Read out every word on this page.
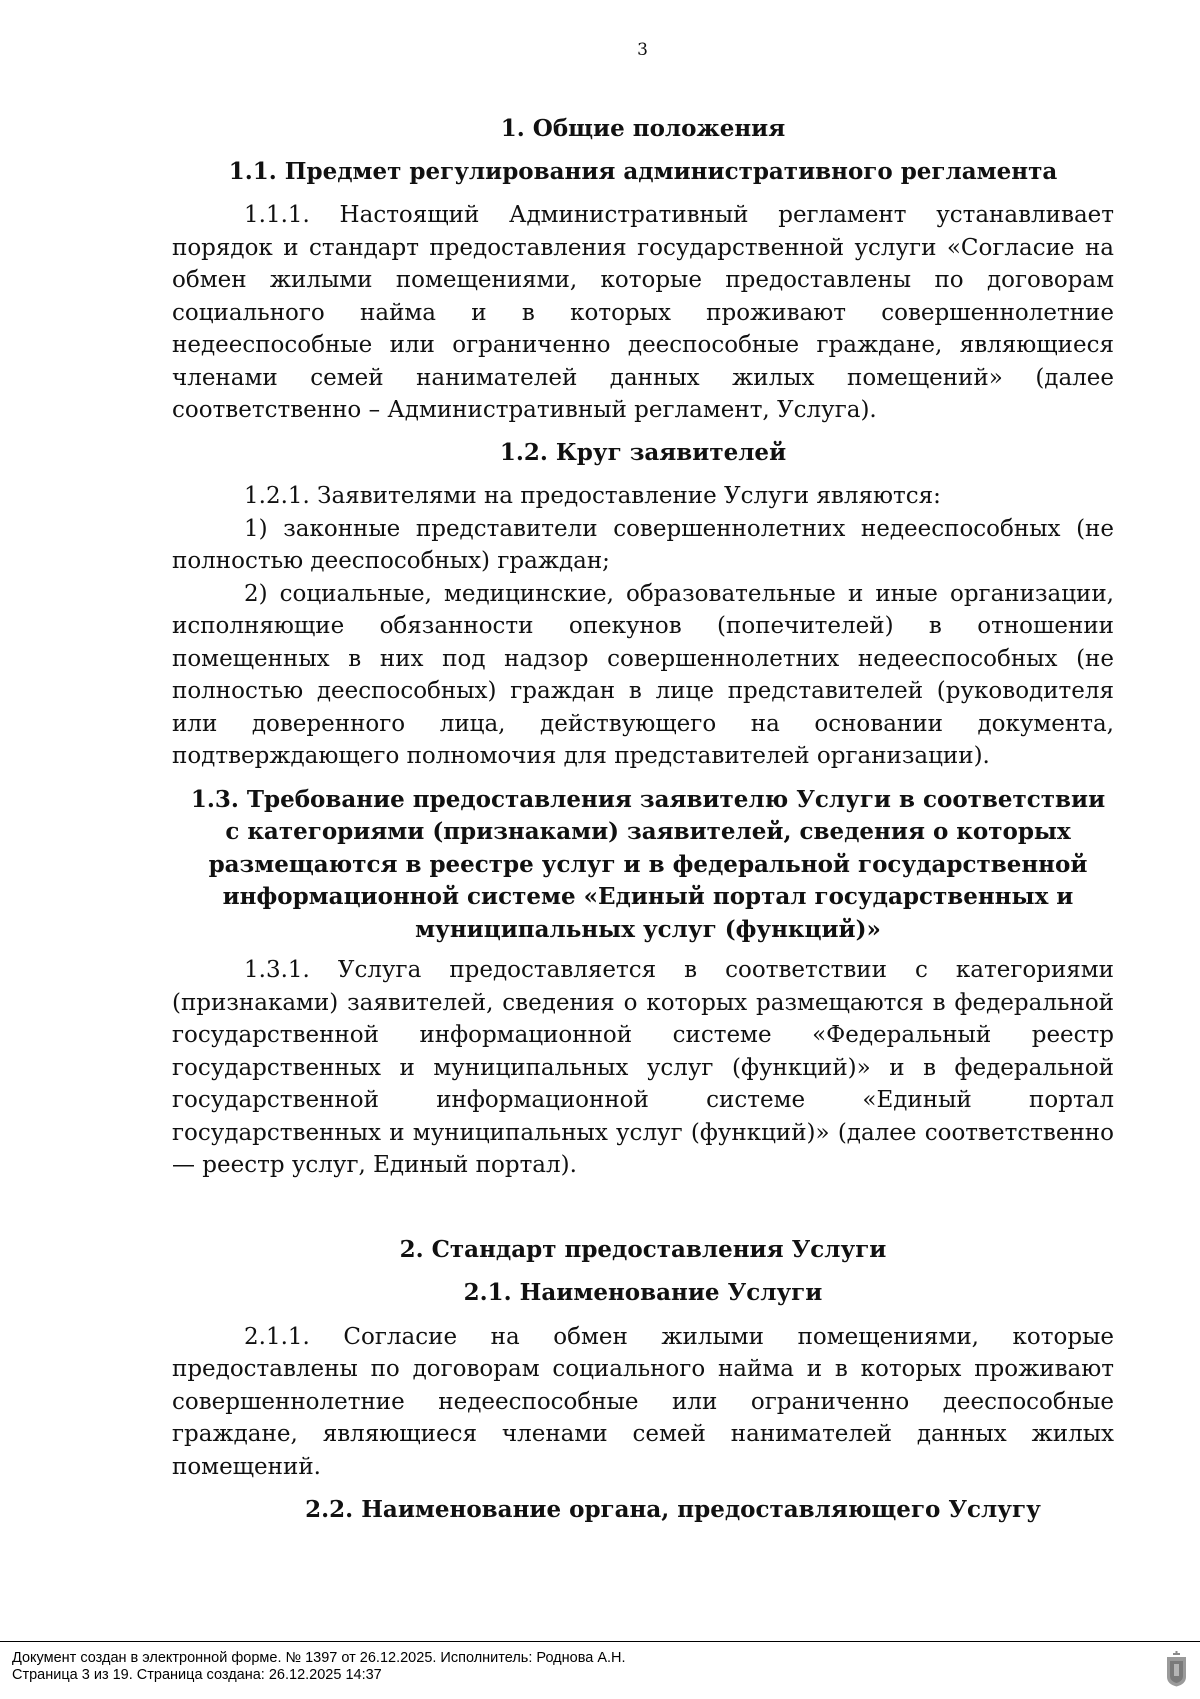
3
1. Общие положения
1.1. Предмет регулирования административного регламента
1.1.1. Настоящий Административный регламент устанавливает порядок и стандарт предоставления государственной услуги «Согласие на обмен жилыми помещениями, которые предоставлены по договорам социального найма и в которых проживают совершеннолетние недееспособные или ограниченно дееспособные граждане, являющиеся членами семей нанимателей данных жилых помещений» (далее соответственно – Административный регламент, Услуга).
1.2. Круг заявителей
1.2.1. Заявителями на предоставление Услуги являются:
1) законные представители совершеннолетних недееспособных (не полностью дееспособных) граждан;
2) социальные, медицинские, образовательные и иные организации, исполняющие обязанности опекунов (попечителей) в отношении помещенных в них под надзор совершеннолетних недееспособных (не полностью дееспособных) граждан в лице представителей (руководителя или доверенного лица, действующего на основании документа, подтверждающего полномочия для представителей организации).
1.3. Требование предоставления заявителю Услуги в соответствии
с категориями (признаками) заявителей, сведения о которых
размещаются в реестре услуг и в федеральной государственной
информационной системе «Единый портал государственных и
муниципальных услуг (функций)»
1.3.1. Услуга предоставляется в соответствии с категориями (признаками) заявителей, сведения о которых размещаются в федеральной государственной информационной системе «Федеральный реестр государственных и муниципальных услуг (функций)» и в федеральной государственной информационной системе «Единый портал государственных и муниципальных услуг (функций)» (далее соответственно — реестр услуг, Единый портал).
2. Стандарт предоставления Услуги
2.1. Наименование Услуги
2.1.1. Согласие на обмен жилыми помещениями, которые предоставлены по договорам социального найма и в которых проживают совершеннолетние недееспособные или ограниченно дееспособные граждане, являющиеся членами семей нанимателей данных жилых помещений.
2.2. Наименование органа, предоставляющего Услугу
Документ создан в электронной форме. № 1397 от 26.12.2025. Исполнитель: Роднова А.Н.
Страница 3 из 19. Страница создана: 26.12.2025 14:37
